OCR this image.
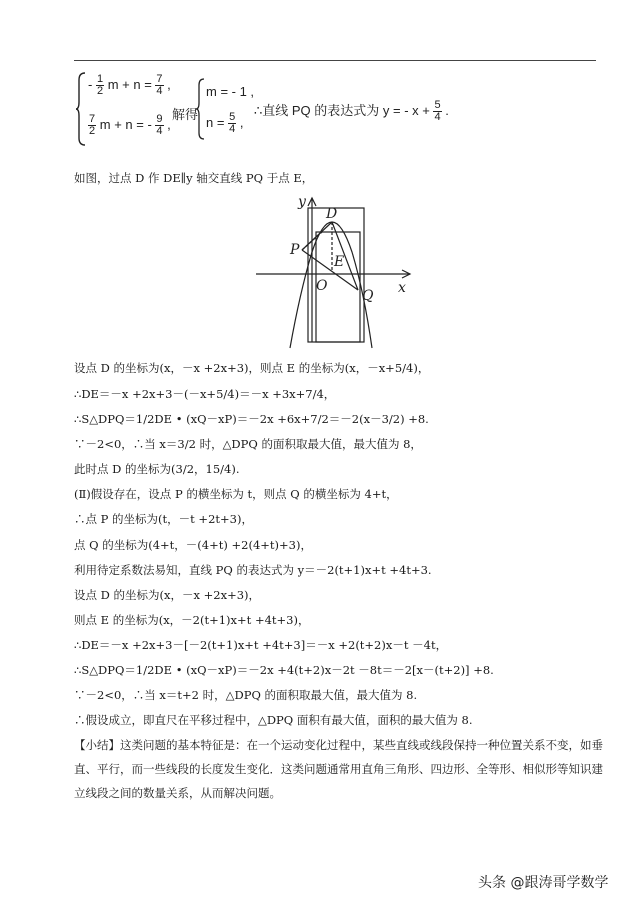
- $\frac{1}{2}$ $m + n = \frac{7}{4}$ ,
$\frac{7}{2}$ m + n = - $\frac{9}{4}$ ,
解得
m = - 1 ,
$n = \frac{5}{4}$ ,
∴直线 PQ 的表达式为 y = - $x + \frac{5}{4}$ .
如图，过点 D 作 DE∥y 轴交直线 PQ 于点 E，
y
x
D
P
E
O
Q
设点 D 的坐标为(x，－x +2x+3)，则点 E 的坐标为(x，－x+5/4)，
∴DE＝－x +2x+3－(－x+5/4)＝－x +3x+7/4，
∴S△DPQ＝1/2DE • (xQ－xP)＝－2x +6x+7/2＝－2(x－3/2) +8.
∵－2<0，∴当 x＝3/2 时，△DPQ 的面积取最大值，最大值为 8，
此时点 D 的坐标为(3/2，15/4).
(Ⅱ)假设存在，设点 P 的横坐标为 t，则点 Q 的横坐标为 4+t，
∴点 P 的坐标为(t，－t +2t+3)，
点 Q 的坐标为(4+t，－(4+t) +2(4+t)+3)，
利用待定系数法易知，直线 PQ 的表达式为 y＝－2(t+1)x+t +4t+3.
设点 D 的坐标为(x，－x +2x+3)，
则点 E 的坐标为(x，－2(t+1)x+t +4t+3)，
∴DE＝－x +2x+3－[－2(t+1)x+t +4t+3]＝－x +2(t+2)x－t －4t，
∴S△DPQ＝1/2DE • (xQ－xP)＝－2x +4(t+2)x－2t －8t＝－2[x－(t+2)] +8.
∵－2<0，∴当 x＝t+2 时，△DPQ 的面积取最大值，最大值为 8.
∴假设成立，即直尺在平移过程中，△DPQ 面积有最大值，面积的最大值为 8.
【小结】这类问题的基本特征是：在一个运动变化过程中，某些直线或线段保持一种位置关系不变，如垂直、平行，而一些线段的长度发生变化．这类问题通常用直角三角形、四边形、全等形、相似形等知识建立线段之间的数量关系，从而解决问题。
头条 @跟涛哥学数学
